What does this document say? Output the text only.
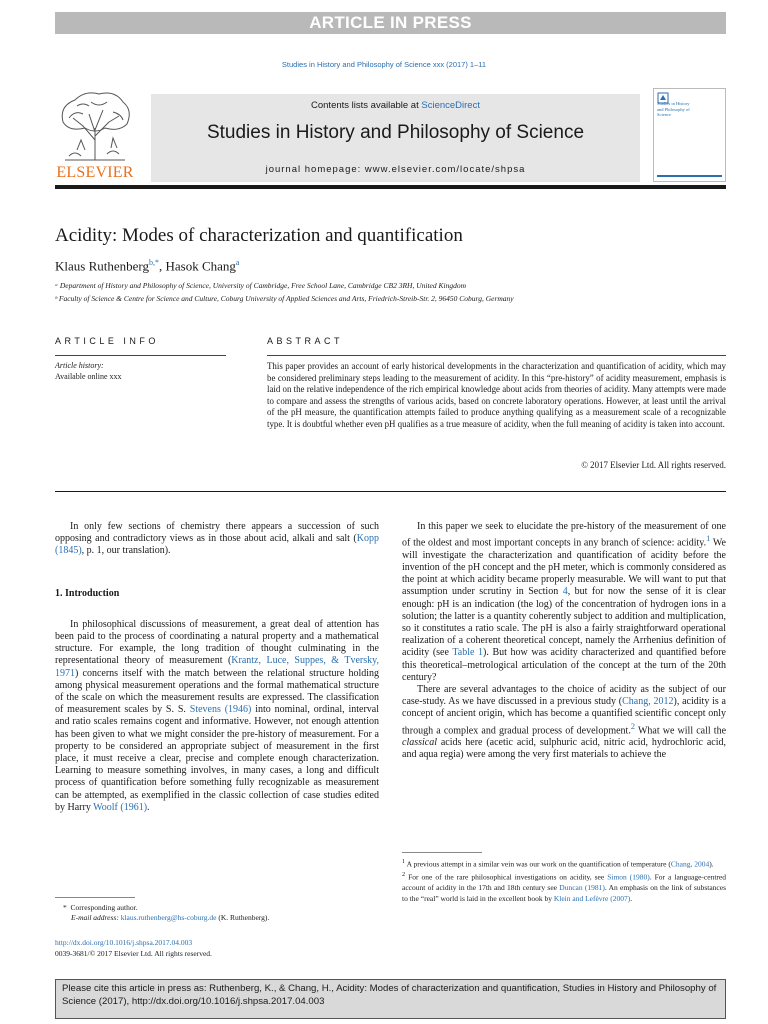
ARTICLE IN PRESS
Studies in History and Philosophy of Science xxx (2017) 1–11
ELSEVIER
Contents lists available at ScienceDirect
Studies in History and Philosophy of Science
journal homepage: www.elsevier.com/locate/shpsa
Studies in History and Philosophy of Science
Acidity: Modes of characterization and quantification
Klaus Ruthenberg$^{b,*}$, Hasok Chang$^a$
ᵃ Department of History and Philosophy of Science, University of Cambridge, Free School Lane, Cambridge CB2 3RH, United Kingdom
ᵇ Faculty of Science & Centre for Science and Culture, Coburg University of Applied Sciences and Arts, Friedrich-Streib-Str. 2, 96450 Coburg, Germany
ARTICLE INFO	ABSTRACT
Article history:
Available online xxx
This paper provides an account of early historical developments in the characterization and quantification of acidity, which may be considered preliminary steps leading to the measurement of acidity. In this “pre-history” of acidity measurement, emphasis is laid on the relative independence of the rich empirical knowledge about acids from theories of acidity. Many attempts were made to compare and assess the strengths of various acids, based on concrete laboratory operations. However, at least until the arrival of the pH measure, the quantification attempts failed to produce anything qualifying as a measurement scale of a recognizable type. It is doubtful whether even pH qualifies as a true measure of acidity, when the full meaning of acidity is taken into account.
© 2017 Elsevier Ltd. All rights reserved.

In only few sections of chemistry there appears a succession of such opposing and contradictory views as in those about acid, alkali and salt (Kopp (1845), p. 1, our translation).

1. Introduction

In philosophical discussions of measurement, a great deal of attention has been paid to the process of coordinating a natural property and a mathematical structure. For example, the long tradition of thought culminating in the representational theory of measurement (Krantz, Luce, Suppes, & Tversky, 1971) concerns itself with the match between the relational structure holding among physical measurement operations and the formal mathematical structure of the scale on which the measurement results are expressed. The classification of measurement scales by S. S. Stevens (1946) into nominal, ordinal, interval and ratio scales remains cogent and informative. However, not enough attention has been given to what we might consider the pre-history of measurement. For a property to be considered an appropriate subject of measurement in the first place, it must receive a clear, precise and complete enough characterization. Learning to measure something involves, in many cases, a long and difficult process of quantification before something fully recognizable as measurement can be attempted, as exemplified in the classic collection of case studies edited by Harry Woolf (1961).

In this paper we seek to elucidate the pre-history of the measurement of one of the oldest and most important concepts in any branch of science: acidity.$^1$ We will investigate the characterization and quantification of acidity before the invention of the pH concept and the pH meter, which is commonly considered as the point at which acidity became properly measurable. We will want to put that assumption under scrutiny in Section 4, but for now the sense of it is clear enough: pH is an indication (the log) of the concentration of hydrogen ions in a solution; the latter is a quantity coherently subject to addition and multiplication, so it constitutes a ratio scale. The pH is also a fairly straightforward operational realization of a coherent theoretical concept, namely the Arrhenius definition of acidity (see Table 1). But how was acidity characterized and quantified before this theoretical–metrological articulation of the concept at the turn of the 20th century?

There are several advantages to the choice of acidity as the subject of our case-study. As we have discussed in a previous study (Chang, 2012), acidity is a concept of ancient origin, which has become a quantified scientific concept only through a complex and gradual process of development.$^2$ What we will call the classical acids here (acetic acid, sulphuric acid, nitric acid, hydrochloric acid, and aqua regia) were among the very first materials to achieve the

$^1$ A previous attempt in a similar vein was our work on the quantification of temperature (Chang, 2004).
$^2$ For one of the rare philosophical investigations on acidity, see Simon (1980). For a language-centred account of acidity in the 17th and 18th century see Duncan (1981). An emphasis on the link of substances to the “real” world is laid in the excellent book by Klein and Lefèvre (2007).
* Corresponding author.
E-mail address: klaus.ruthenberg@hs-coburg.de (K. Ruthenberg).
http://dx.doi.org/10.1016/j.shpsa.2017.04.003
0039-3681/© 2017 Elsevier Ltd. All rights reserved.
Please cite this article in press as: Ruthenberg, K., & Chang, H., Acidity: Modes of characterization and quantification, Studies in History and Philosophy of Science (2017), http://dx.doi.org/10.1016/j.shpsa.2017.04.003
